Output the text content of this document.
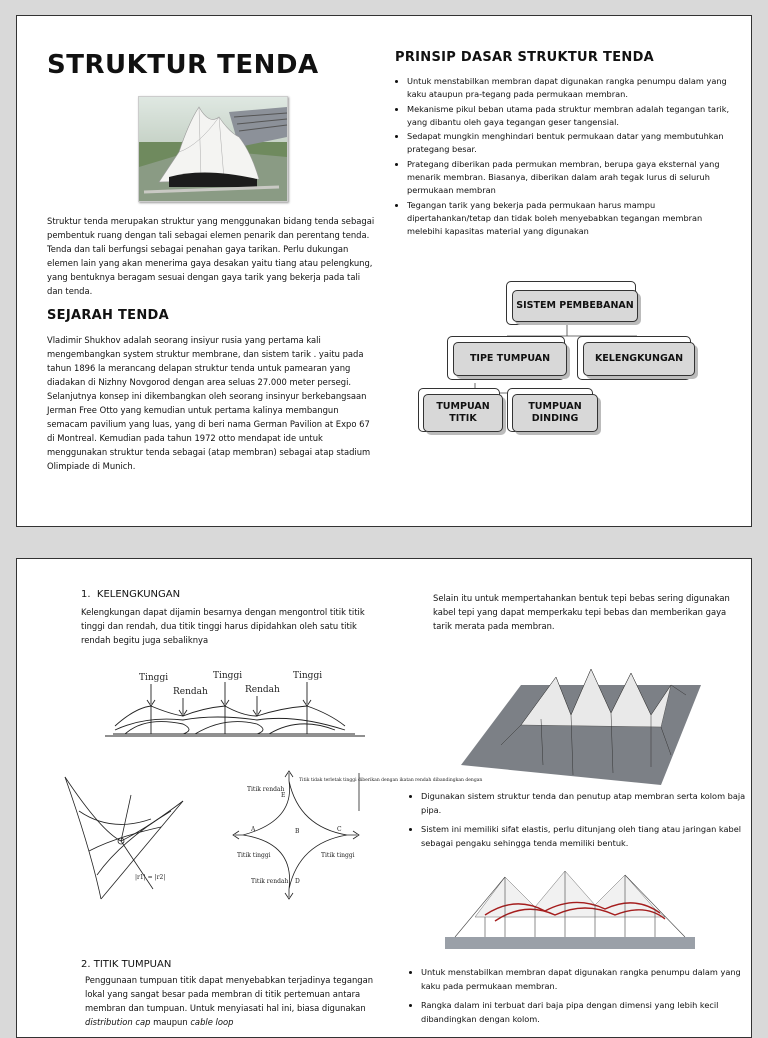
STRUKTUR TENDA
Struktur tenda merupakan struktur yang menggunakan bidang tenda sebagai pembentuk ruang dengan tali sebagai elemen penarik dan perentang tenda. Tenda dan tali berfungsi sebagai penahan gaya tarikan. Perlu dukungan elemen lain yang akan menerima gaya desakan yaitu tiang atau pelengkung, yang bentuknya beragam sesuai dengan gaya tarik yang bekerja pada tali dan tenda.
SEJARAH TENDA
Vladimir Shukhov adalah seorang insiyur rusia yang pertama kali mengembangkan system struktur membrane, dan sistem tarik . yaitu pada tahun 1896 la merancang delapan struktur tenda untuk pamearan yang diadakan di Nizhny Novgorod dengan area seluas 27.000 meter persegi. Selanjutnya konsep ini dikembangkan oleh seorang insinyur berkebangsaan Jerman Free Otto yang kemudian untuk pertama kalinya membangun semacam pavilium yang luas, yang di beri nama German Pavilion at Expo 67 di Montreal. Kemudian pada tahun 1972 otto mendapat ide untuk menggunakan struktur tenda sebagai (atap membran) sebagai atap stadium Olimpiade di Munich.
PRINSIP DASAR STRUKTUR TENDA
• Untuk menstabilkan membran dapat digunakan rangka penumpu dalam yang kaku ataupun pra-tegang pada permukaan membran.
• Mekanisme pikul beban utama pada struktur membran adalah tegangan tarik, yang dibantu oleh gaya tegangan geser tangensial.
• Sedapat mungkin menghindari bentuk permukaan datar yang membutuhkan prategang besar.
• Prategang diberikan pada permukan membran, berupa gaya eksternal yang menarik membran. Biasanya, diberikan dalam arah tegak lurus di seluruh permukaan membran
• Tegangan tarik yang bekerja pada permukaan harus mampu dipertahankan/tetap dan tidak boleh menyebabkan tegangan membran melebihi kapasitas material yang digunakan
SISTEM PEMBEBANAN
TIPE TUMPUAN	KELENGKUNGAN
TUMPUAN TITIK
TUMPUAN DINDING
1. KELENGKUNGAN
Kelengkungan dapat dijamin besarnya dengan mengontrol titik titik tinggi dan rendah, dua titik tinggi harus dipidahkan oleh satu titik rendah begitu juga sebaliknya
Tinggi
Rendah
Tinggi
Rendah
Tinggi
|r1| = |r2|
Titik rendah
Titik tinggi	Titik tinggi
Titik rendah
Titik tidak terletak tinggi diberikan dengan ikatan rendah dibandingkan dengan
E
A	B	C
D
2. TITIK TUMPUAN
Penggunaan tumpuan titik dapat menyebabkan terjadinya tegangan lokal yang sangat besar pada membran di titik pertemuan antara membran dan tumpuan. Untuk menyiasati hal ini, biasa digunakan distribution cap maupun cable loop
Selain itu untuk mempertahankan bentuk tepi bebas sering digunakan kabel tepi yang dapat memperkaku tepi bebas dan memberikan gaya tarik merata pada membran.
• Digunakan sistem struktur tenda dan penutup atap membran serta kolom baja pipa.
• Sistem ini memiliki sifat elastis, perlu ditunjang oleh tiang atau jaringan kabel sebagai pengaku sehingga tenda memiliki bentuk.
• Untuk menstabilkan membran dapat digunakan rangka penumpu dalam yang kaku pada permukaan membran.
• Rangka dalam ini terbuat dari baja pipa dengan dimensi yang lebih kecil dibandingkan dengan kolom.
